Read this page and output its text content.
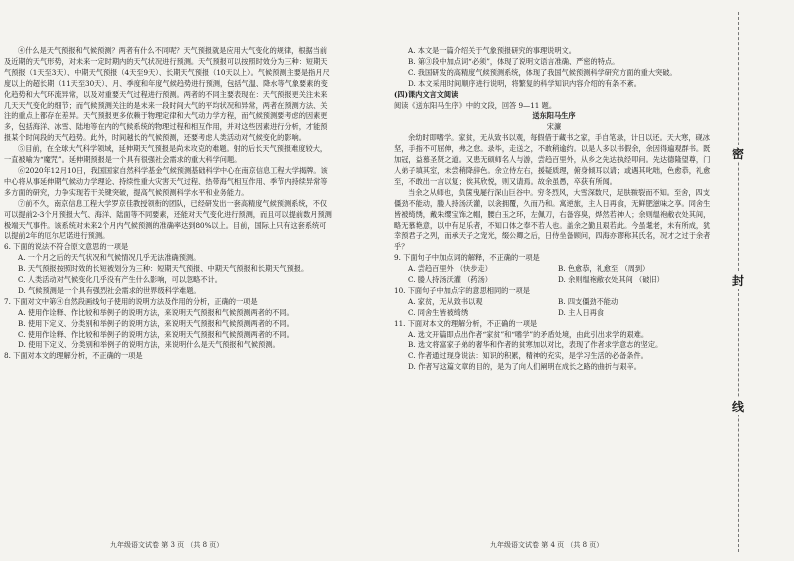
④什么是天气预报和气候预测？两者有什么不同呢？天气预报就是应用大气变化的规律，根据当前及近期的天气形势，对未来一定时期内的天气状况进行预测。天气预报可以按照时效分为三种：短期天气预报（1天至3天）、中期天气预报（4天至9天）、长期天气预报（10天以上）。气候预测主要是指月尺度以上的超长期（11天至30天）、月、季度和年度气候趋势进行预测，包括气温、降水等气象要素的变化趋势和大气环流异常，以及对重要天气过程进行预测。两者的不同主要表现在：天气预报更关注未来几天天气变化的细节；而气候预测关注的是未来一段时间大气的平均状况和异常，两者在预测方法、关注的重点上都存在差异。天气预报更多依赖于物理定律和大气动力学方程，而气候预测要考虑的因素更多，包括海洋、冰雪、陆地等在内的气候系统的物理过程和相互作用，并对这些因素进行分析，才能预报某个时间段的天气趋势。此外，时间越长的气候预测，还要考虑人类活动对气候变化的影响。

⑤目前，在全球大气科学领域，延伸期天气预报是尚未攻克的难题。射的后长天气预报难度较大，一直被喻为“魔咒”。延伸期预报是一个具有很强社会需求的重大科学问题。

⑥2020年12月10日，我国国家自然科学基金气候预测基础科学中心在南京信息工程大学揭牌。该中心将从事延伸期气候动力学理论、持续性重大灾害天气过程、热带海气相互作用、季节内持续异常等多方面的研究，力争实现若干关键突破，提高气候预测科学水平和业务能力。

⑦前不久，南京信息工程大学罗京佳教授领衔的团队，已经研发出一套高精度气候预测系统，不仅可以提前2-3个月预报大气、海洋、陆面等不同要素，还能对天气变化进行预测，而且可以提前数月预测极端天气事件。该系统对未来2个月内气候预测的准确率达到80%以上。目前，国际上只有这套系统可以提前2年的厄尔尼诺进行预测。

6. 下面的说法不符合原文意思的一项是

A. 一个月之后的天气状况和气候情况几乎无法准确预测。

B. 天气预报按照时效的长短被划分为三种：短期天气预报、中期天气预报和长期天气预报。

C. 人类活动对气候变化几乎没有产生什么影响，可以忽略不计。

D. 气候预测是一个具有强烈社会需求的世界级科学难题。

7. 下面对文中第④自然段画线句子使用的说明方法及作用的分析，正确的一项是

A. 使用作诠释、作比较和举例子的说明方法，来说明天气预报和气候预测两者的不同。

B. 使用下定义、分类别和举例子的说明方法，来说明天气预报和气候预测两者的不同。

C. 使用作诠释、作比较和举例子的说明方法，来说明天气预报和气候预测两者的不同。

D. 使用下定义、分类别和举例子的说明方法，来说明什么是天气预报和气候预测。

8. 下面对本文的理解分析，不正确的一项是

A. 本文是一篇介绍关于气象预报研究的事理说明文。

B. 第③段中加点词“必须”，体现了说明文语言准确、严密的特点。

C. 我国研发的高精度气候预测系统，体现了我国气候预测科学研究方面的重大突破。

D. 本文采用时间顺序进行说明，将繁复的科学知识内容介绍的有条不紊。

(四)课内文言文阅读

阅读《送东阳马生序》中的文段，回答 9—11 题。

送东阳马生序

宋濂

余幼时即嗜学。家贫，无从致书以观，每假借于藏书之家，手自笔录，计日以还。天大寒，砚冰坚，手指不可屈伸，弗之怠。录毕，走送之，不敢稍逾约。以是人多以书假余，余因得遍观群书。既加冠，益慕圣贤之道。又患无硕师名人与游，尝趋百里外，从乡之先达执经叩问。先达德隆望尊，门人弟子填其室，未尝稍降辞色。余立侍左右，援疑质理，俯身倾耳以请；或遇其叱咄，色愈恭，礼愈至，不敢出一言以复；俟其欣悦，则又请焉。故余虽愚，卒获有所闻。

当余之从师也，负箧曳屣行深山巨谷中。穷冬烈风，大雪深数尺，足肤皲裂而不知。至舍，四支僵劲不能动，媵人持汤沃灌，以衾拥覆，久而乃和。寓逆旅，主人日再食，无鲜肥滋味之享。同舍生皆被绮绣，戴朱缨宝饰之帽，腰白玉之环，左佩刀，右备容臭，烨然若神人；余则缊袍敝衣处其间，略无慕艳意，以中有足乐者，不知口体之奉不若人也。盖余之勤且艰若此。今虽耄老，未有所成，犹幸预君子之列，而承天子之宠光，缀公卿之后，日侍坐备顾问，四海亦谬称其氏名，况才之过于余者乎？

9. 下面句子中加点词的解释，不正确的一项是

A. 尝趋百里外 （快步走）	B. 色愈恭，礼愈至 （周到）
C. 媵人持汤沃灌 （药汤）	D. 余则缊袍敝衣处其间 （破旧）

10. 下面句子中加点字的意思相同的一项是

A. 家贫，无从致书以观	B. 四支僵劲不能动
C. 同舍生皆被绮绣	D. 主人日再食

11. 下面对本文的理解分析，不正确的一项是

A. 选文开篇即点出作者“家贫”和“嗜学”的矛盾处境，由此引出求学的艰难。

B. 选文将富家子弟的奢华和作者的贫寒加以对比，表现了作者求学意志的坚定。

C. 作者通过现身说法：知识的积累，精神的充实，是学习生活的必备条件。

D. 作者写这篇文章的目的，是为了向人们阐明在成长之路的曲折与艰辛。

九年级语文试卷 第 3 页 （共 8 页）	九年级语文试卷 第 4 页 （共 8 页）
密
封
线
